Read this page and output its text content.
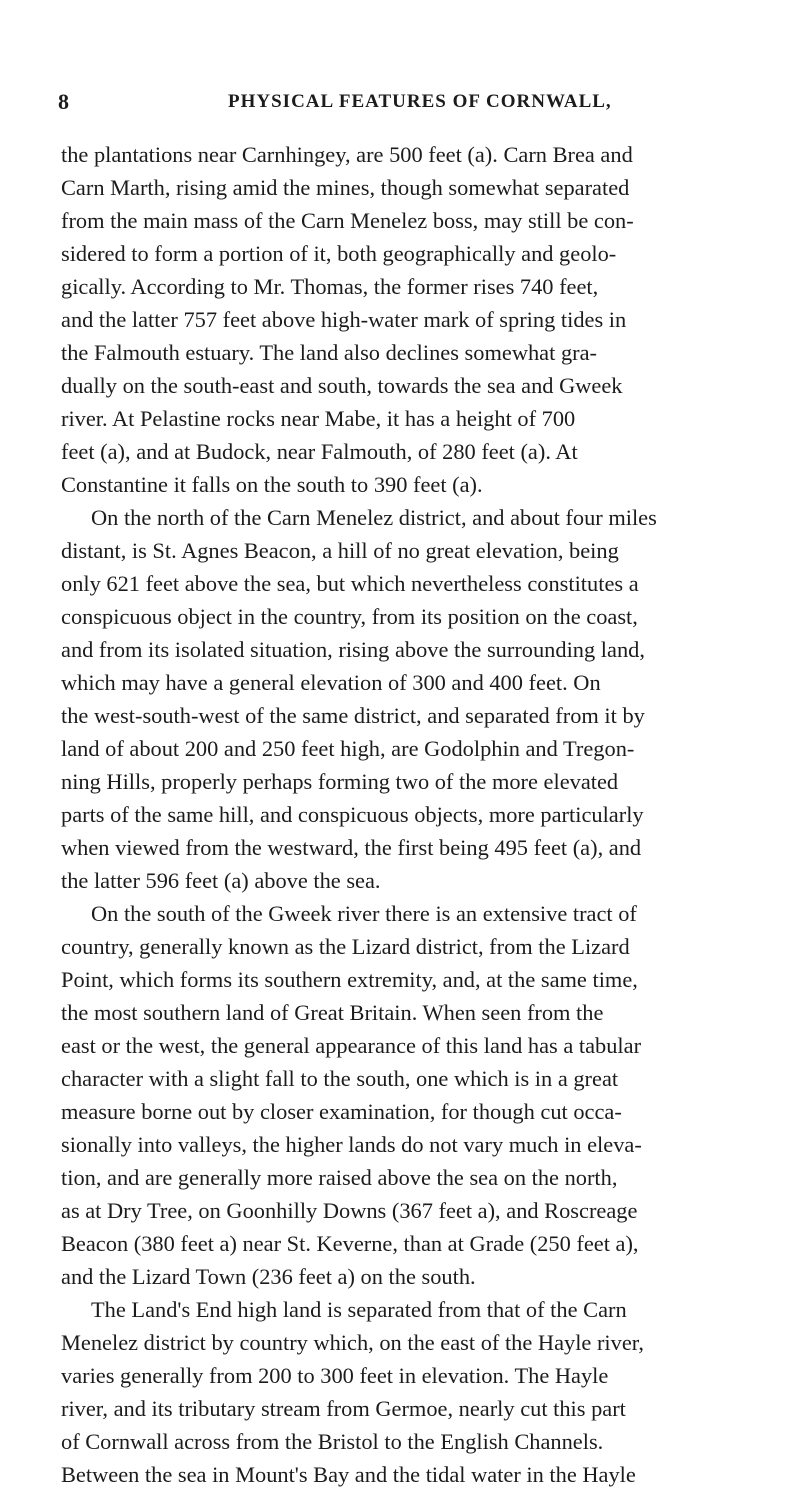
8	PHYSICAL FEATURES OF CORNWALL,
the plantations near Carnhingey, are 500 feet (a). Carn Brea and
Carn Marth, rising amid the mines, though somewhat separated
from the main mass of the Carn Menelez boss, may still be con-
sidered to form a portion of it, both geographically and geolo-
gically. According to Mr. Thomas, the former rises 740 feet,
and the latter 757 feet above high-water mark of spring tides in
the Falmouth estuary. The land also declines somewhat gra-
dually on the south-east and south, towards the sea and Gweek
river. At Pelastine rocks near Mabe, it has a height of 700
feet (a), and at Budock, near Falmouth, of 280 feet (a). At
Constantine it falls on the south to 390 feet (a).
On the north of the Carn Menelez district, and about four miles
distant, is St. Agnes Beacon, a hill of no great elevation, being
only 621 feet above the sea, but which nevertheless constitutes a
conspicuous object in the country, from its position on the coast,
and from its isolated situation, rising above the surrounding land,
which may have a general elevation of 300 and 400 feet. On
the west-south-west of the same district, and separated from it by
land of about 200 and 250 feet high, are Godolphin and Tregon-
ning Hills, properly perhaps forming two of the more elevated
parts of the same hill, and conspicuous objects, more particularly
when viewed from the westward, the first being 495 feet (a), and
the latter 596 feet (a) above the sea.
On the south of the Gweek river there is an extensive tract of
country, generally known as the Lizard district, from the Lizard
Point, which forms its southern extremity, and, at the same time,
the most southern land of Great Britain. When seen from the
east or the west, the general appearance of this land has a tabular
character with a slight fall to the south, one which is in a great
measure borne out by closer examination, for though cut occa-
sionally into valleys, the higher lands do not vary much in eleva-
tion, and are generally more raised above the sea on the north,
as at Dry Tree, on Goonhilly Downs (367 feet a), and Roscreage
Beacon (380 feet a) near St. Keverne, than at Grade (250 feet a),
and the Lizard Town (236 feet a) on the south.
The Land's End high land is separated from that of the Carn
Menelez district by country which, on the east of the Hayle river,
varies generally from 200 to 300 feet in elevation. The Hayle
river, and its tributary stream from Germoe, nearly cut this part
of Cornwall across from the Bristol to the English Channels.
Between the sea in Mount's Bay and the tidal water in the Hayle
